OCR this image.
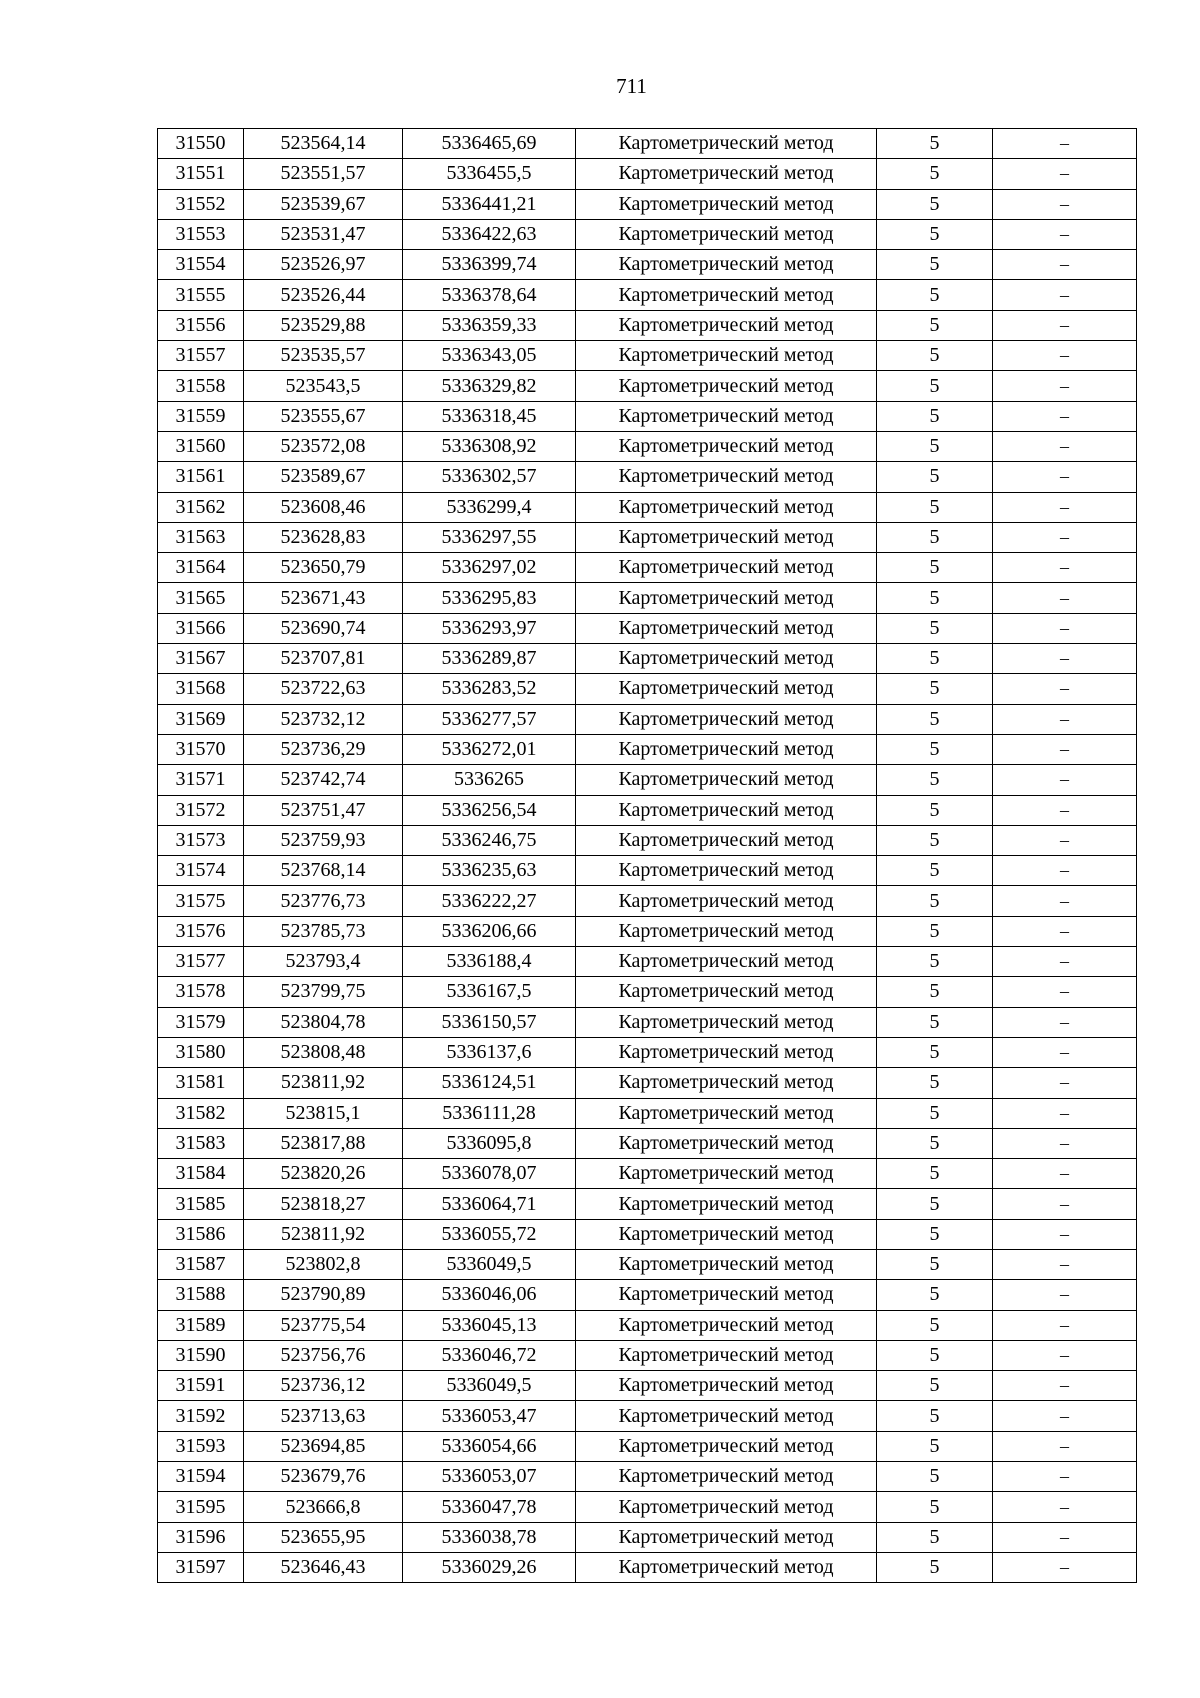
711
31550	523564,14	5336465,69	Картометрический метод	5	–
31551	523551,57	5336455,5	Картометрический метод	5	–
31552	523539,67	5336441,21	Картометрический метод	5	–
31553	523531,47	5336422,63	Картометрический метод	5	–
31554	523526,97	5336399,74	Картометрический метод	5	–
31555	523526,44	5336378,64	Картометрический метод	5	–
31556	523529,88	5336359,33	Картометрический метод	5	–
31557	523535,57	5336343,05	Картометрический метод	5	–
31558	523543,5	5336329,82	Картометрический метод	5	–
31559	523555,67	5336318,45	Картометрический метод	5	–
31560	523572,08	5336308,92	Картометрический метод	5	–
31561	523589,67	5336302,57	Картометрический метод	5	–
31562	523608,46	5336299,4	Картометрический метод	5	–
31563	523628,83	5336297,55	Картометрический метод	5	–
31564	523650,79	5336297,02	Картометрический метод	5	–
31565	523671,43	5336295,83	Картометрический метод	5	–
31566	523690,74	5336293,97	Картометрический метод	5	–
31567	523707,81	5336289,87	Картометрический метод	5	–
31568	523722,63	5336283,52	Картометрический метод	5	–
31569	523732,12	5336277,57	Картометрический метод	5	–
31570	523736,29	5336272,01	Картометрический метод	5	–
31571	523742,74	5336265	Картометрический метод	5	–
31572	523751,47	5336256,54	Картометрический метод	5	–
31573	523759,93	5336246,75	Картометрический метод	5	–
31574	523768,14	5336235,63	Картометрический метод	5	–
31575	523776,73	5336222,27	Картометрический метод	5	–
31576	523785,73	5336206,66	Картометрический метод	5	–
31577	523793,4	5336188,4	Картометрический метод	5	–
31578	523799,75	5336167,5	Картометрический метод	5	–
31579	523804,78	5336150,57	Картометрический метод	5	–
31580	523808,48	5336137,6	Картометрический метод	5	–
31581	523811,92	5336124,51	Картометрический метод	5	–
31582	523815,1	5336111,28	Картометрический метод	5	–
31583	523817,88	5336095,8	Картометрический метод	5	–
31584	523820,26	5336078,07	Картометрический метод	5	–
31585	523818,27	5336064,71	Картометрический метод	5	–
31586	523811,92	5336055,72	Картометрический метод	5	–
31587	523802,8	5336049,5	Картометрический метод	5	–
31588	523790,89	5336046,06	Картометрический метод	5	–
31589	523775,54	5336045,13	Картометрический метод	5	–
31590	523756,76	5336046,72	Картометрический метод	5	–
31591	523736,12	5336049,5	Картометрический метод	5	–
31592	523713,63	5336053,47	Картометрический метод	5	–
31593	523694,85	5336054,66	Картометрический метод	5	–
31594	523679,76	5336053,07	Картометрический метод	5	–
31595	523666,8	5336047,78	Картометрический метод	5	–
31596	523655,95	5336038,78	Картометрический метод	5	–
31597	523646,43	5336029,26	Картометрический метод	5	–
